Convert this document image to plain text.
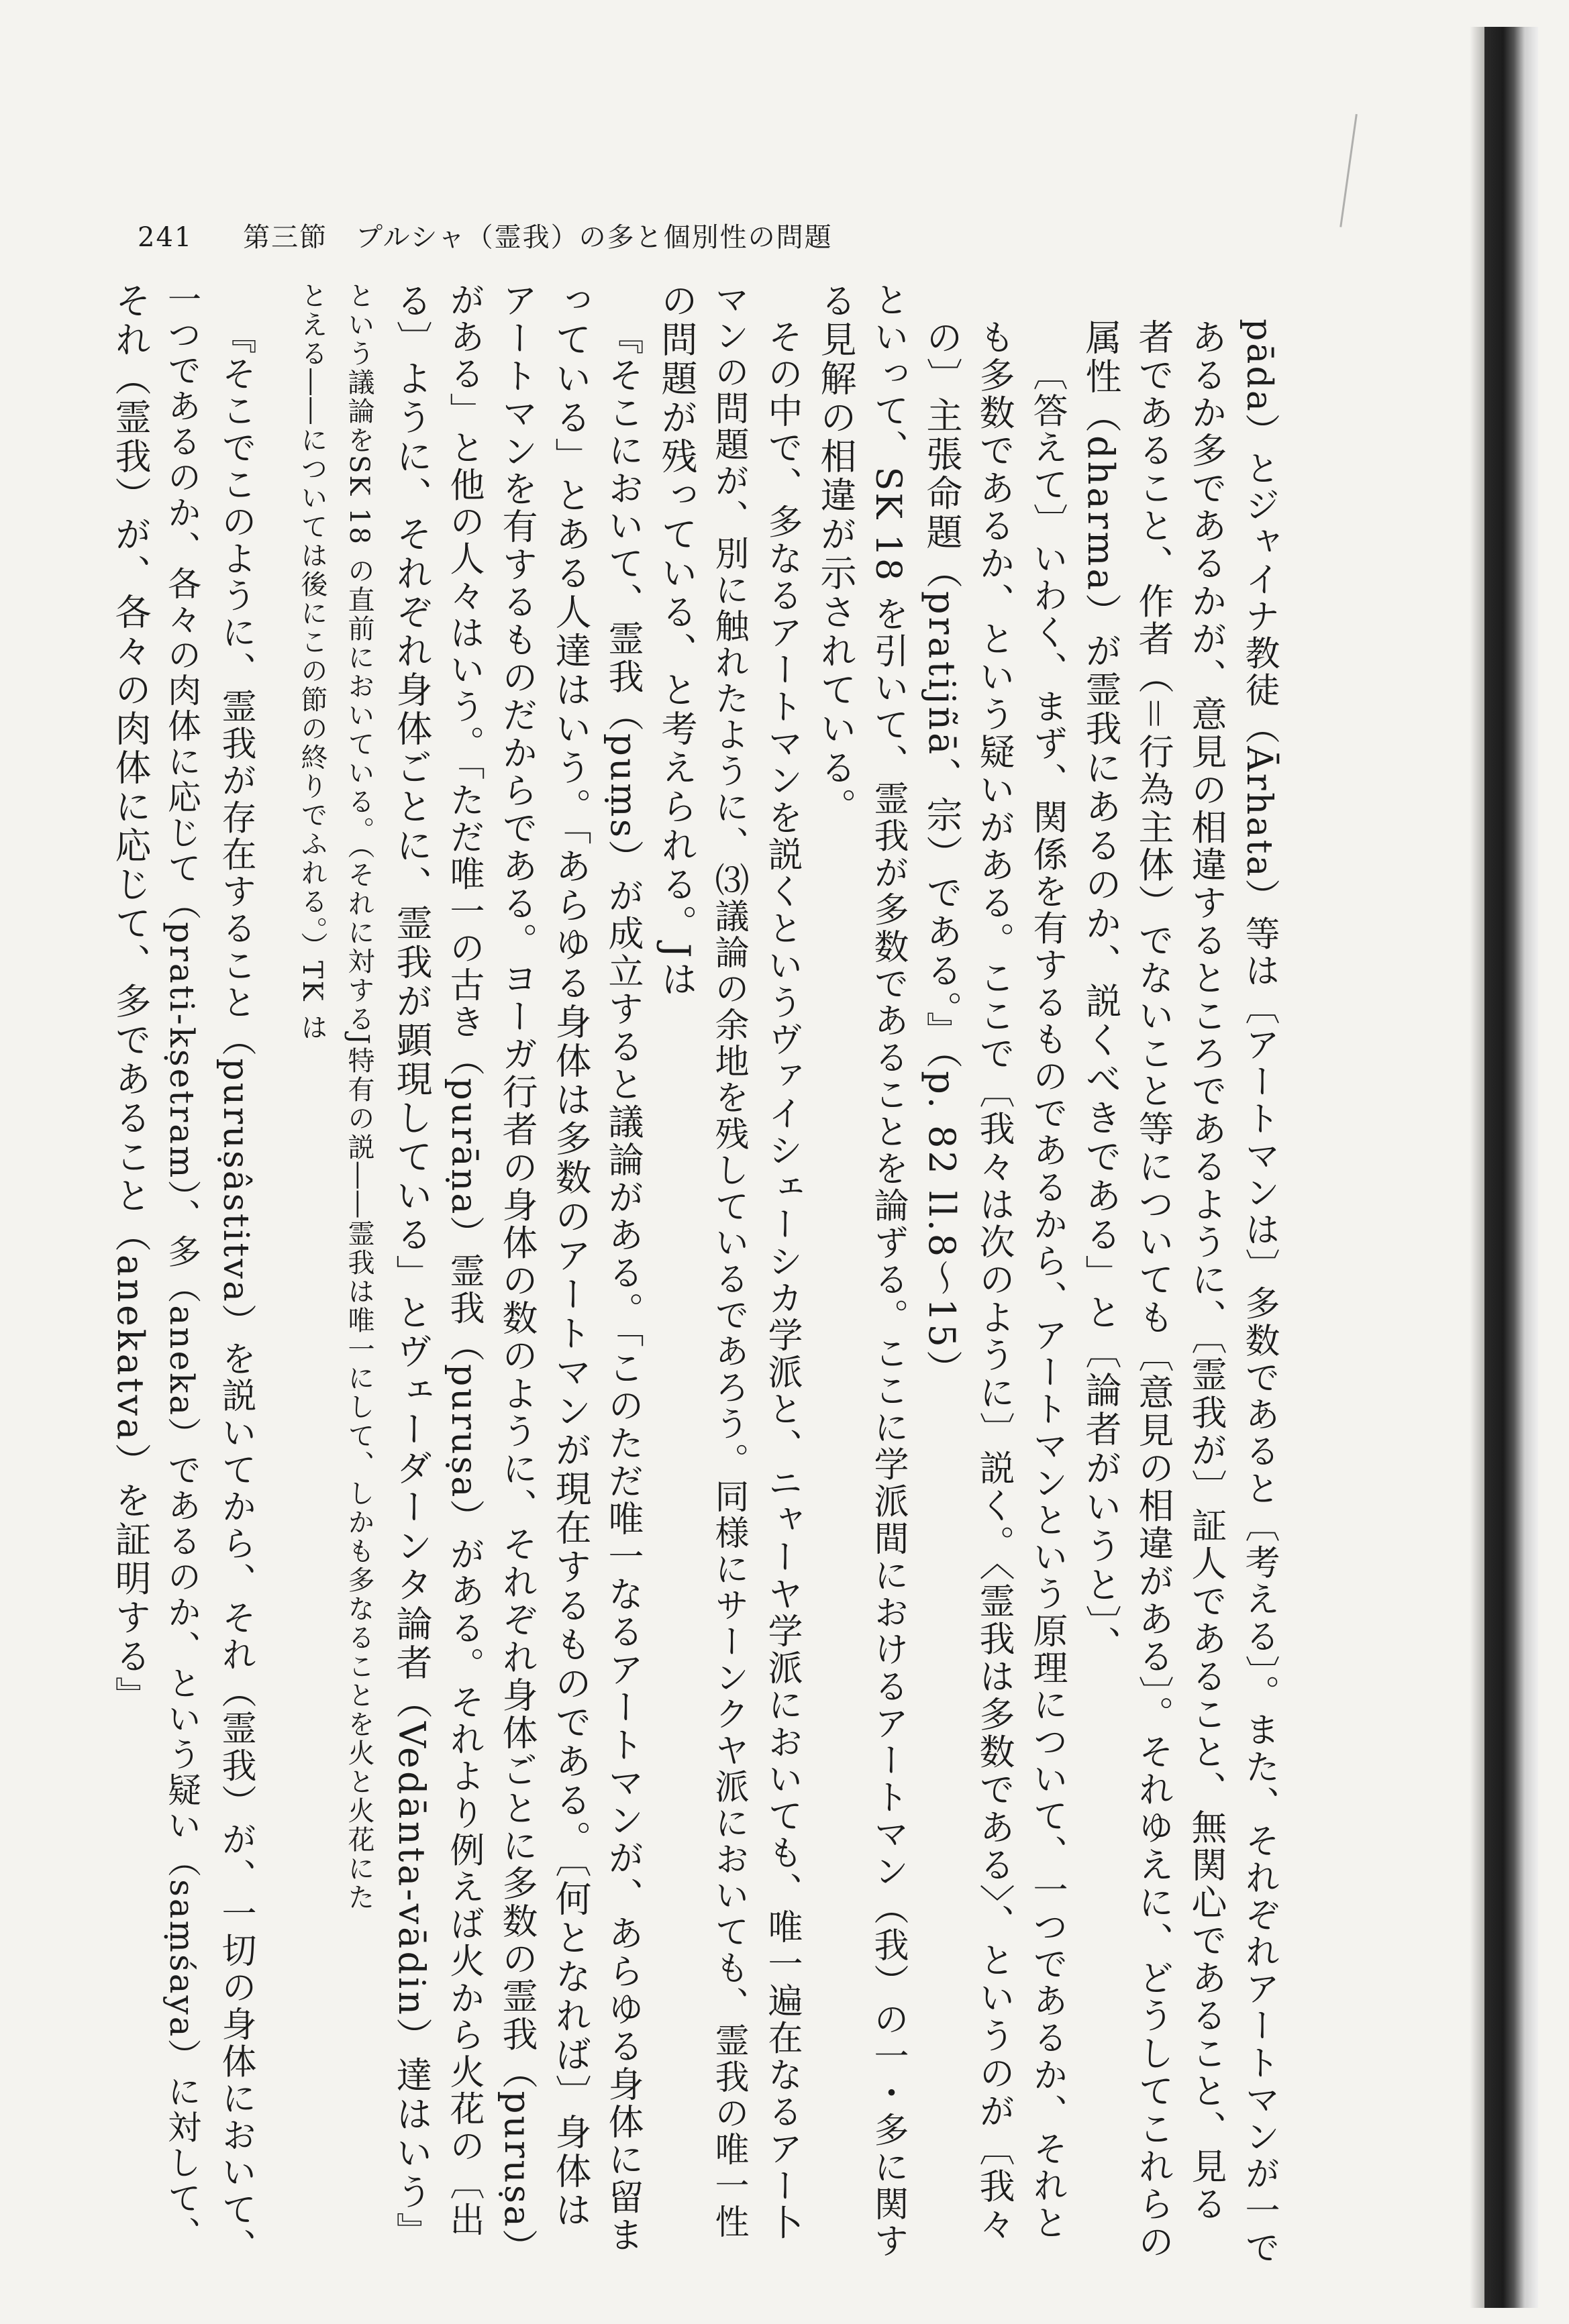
241 第三節　プルシャ（霊我）の多と個別性の問題
pāda）とジャイナ教徒（Ārhata）等は〔アートマンは〕多数であると〔考える〕。また、それぞれアートマンが一で
あるか多であるかが、意見の相違するところであるように、〔霊我が〕証人であること、無関心であること、見る
者であること、作者（＝行為主体）でないこと等についても〔意見の相違がある〕。それゆえに、どうしてこれらの
属性（dharma）が霊我にあるのか、説くべきである」と〔論者がいうと〕、
〔答えて〕いわく、まず、関係を有するものであるから、アートマンという原理について、一つであるか、それと
も多数であるか、という疑いがある。ここで〔我々は次のように〕説く。〈霊我は多数である〉、というのが〔我々
の〕主張命題（pratijñā、宗）である。』（p. 82 ll.8〜15）
といって、SK 18 を引いて、霊我が多数であることを論ずる。ここに学派間におけるアートマン（我）の一・多に関す
る見解の相違が示されている。
その中で、多なるアートマンを説くというヴァイシェーシカ学派と、ニャーヤ学派においても、唯一遍在なるアー卜
マンの問題が、別に触れたように、⑶議論の余地を残しているであろう。同様にサーンクヤ派においても、霊我の唯一性
の問題が残っている、と考えられる。Jは
『そこにおいて、霊我（puṃs）が成立すると議論がある。「このただ唯一なるアートマンが、あらゆる身体に留ま
っている」とある人達はいう。「あらゆる身体は多数のアートマンが現在するものである。〔何となれば〕身体は
アートマンを有するものだからである。ヨーガ行者の身体の数のように、それぞれ身体ごとに多数の霊我（puruṣa）
がある」と他の人々はいう。「ただ唯一の古き（purāṇa）霊我（puruṣa）がある。それより例えば火から火花の〔出
る〕ように、それぞれ身体ごとに、霊我が顕現している」とヴェーダーンタ論者（Vedānta-vādin）達はいう』
という議論をSK 18 の直前においている。（それに対するJ特有の説――霊我は唯一にして、しかも多なることを火と火花にた
とえる――については後にこの節の終りでふれる。）TK は
『そこでこのように、霊我が存在すること（puruṣâstitva）を説いてから、それ（霊我）が、一切の身体において、
一つであるのか、各々の肉体に応じて（prati-kṣetram）、多（aneka）であるのか、という疑い（saṃśaya）に対して、
それ（霊我）が、各々の肉体に応じて、多であること（anekatva）を証明する』
